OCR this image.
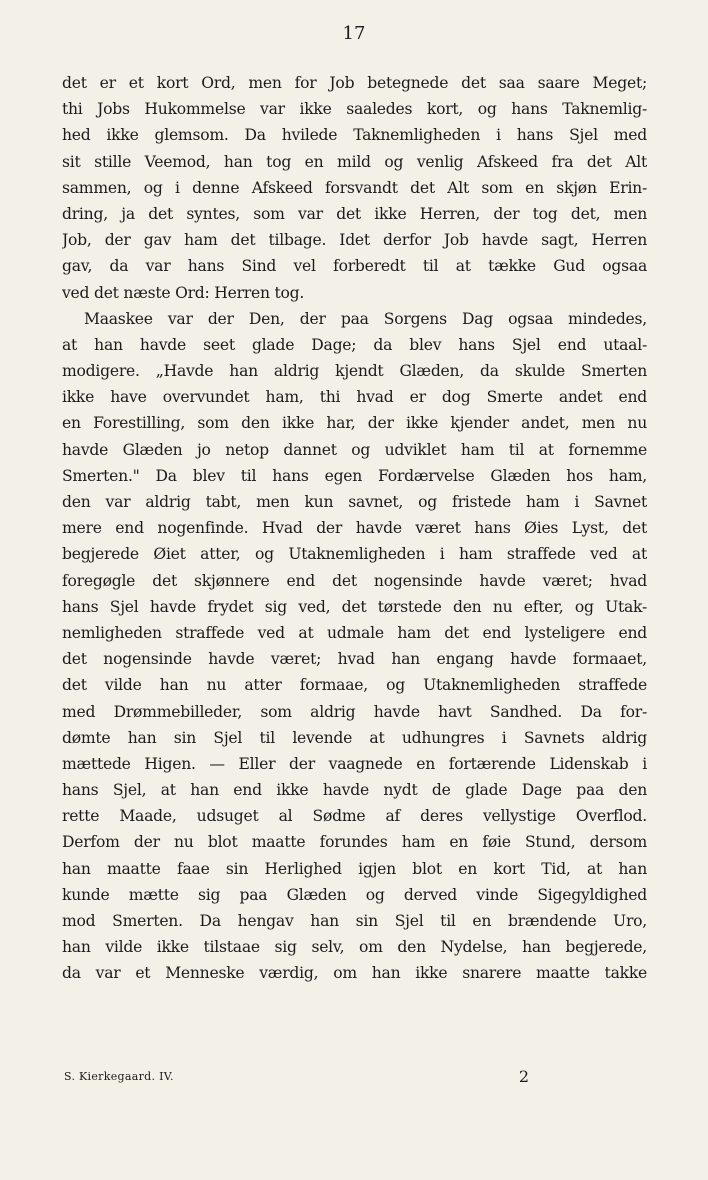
17
det er et kort Ord, men for Job betegnede det saa saare Meget;
thi Jobs Hukommelse var ikke saaledes kort, og hans Taknemlig-
hed ikke glemsom. Da hvilede Taknemligheden i hans Sjel med
sit stille Veemod, han tog en mild og venlig Afskeed fra det Alt
sammen, og i denne Afskeed forsvandt det Alt som en skjøn Erin-
dring, ja det syntes, som var det ikke Herren, der tog det, men
Job, der gav ham det tilbage. Idet derfor Job havde sagt, Herren
gav, da var hans Sind vel forberedt til at tække Gud ogsaa
ved det næste Ord: Herren tog.
Maaskee var der Den, der paa Sorgens Dag ogsaa mindedes,
at han havde seet glade Dage; da blev hans Sjel end utaal-
modigere. „Havde han aldrig kjendt Glæden, da skulde Smerten
ikke have overvundet ham, thi hvad er dog Smerte andet end
en Forestilling, som den ikke har, der ikke kjender andet, men nu
havde Glæden jo netop dannet og udviklet ham til at fornemme
Smerten." Da blev til hans egen Fordærvelse Glæden hos ham,
den var aldrig tabt, men kun savnet, og fristede ham i Savnet
mere end nogenfinde. Hvad der havde været hans Øies Lyst, det
begjerede Øiet atter, og Utaknemligheden i ham straffede ved at
foregøgle det skjønnere end det nogensinde havde været; hvad
hans Sjel havde frydet sig ved, det tørstede den nu efter, og Utak-
nemligheden straffede ved at udmale ham det end lysteligere end
det nogensinde havde været; hvad han engang havde formaaet,
det vilde han nu atter formaae, og Utaknemligheden straffede
med Drømmebilleder, som aldrig havde havt Sandhed. Da for-
dømte han sin Sjel til levende at udhungres i Savnets aldrig
mættede Higen. — Eller der vaagnede en fortærende Lidenskab i
hans Sjel, at han end ikke havde nydt de glade Dage paa den
rette Maade, udsuget al Sødme af deres vellystige Overflod.
Derfom der nu blot maatte forundes ham en føie Stund, dersom
han maatte faae sin Herlighed igjen blot en kort Tid, at han
kunde mætte sig paa Glæden og derved vinde Sigegyldighed
mod Smerten. Da hengav han sin Sjel til en brændende Uro,
han vilde ikke tilstaae sig selv, om den Nydelse, han begjerede,
da var et Menneske værdig, om han ikke snarere maatte takke
S. Kierkegaard. IV.	2
